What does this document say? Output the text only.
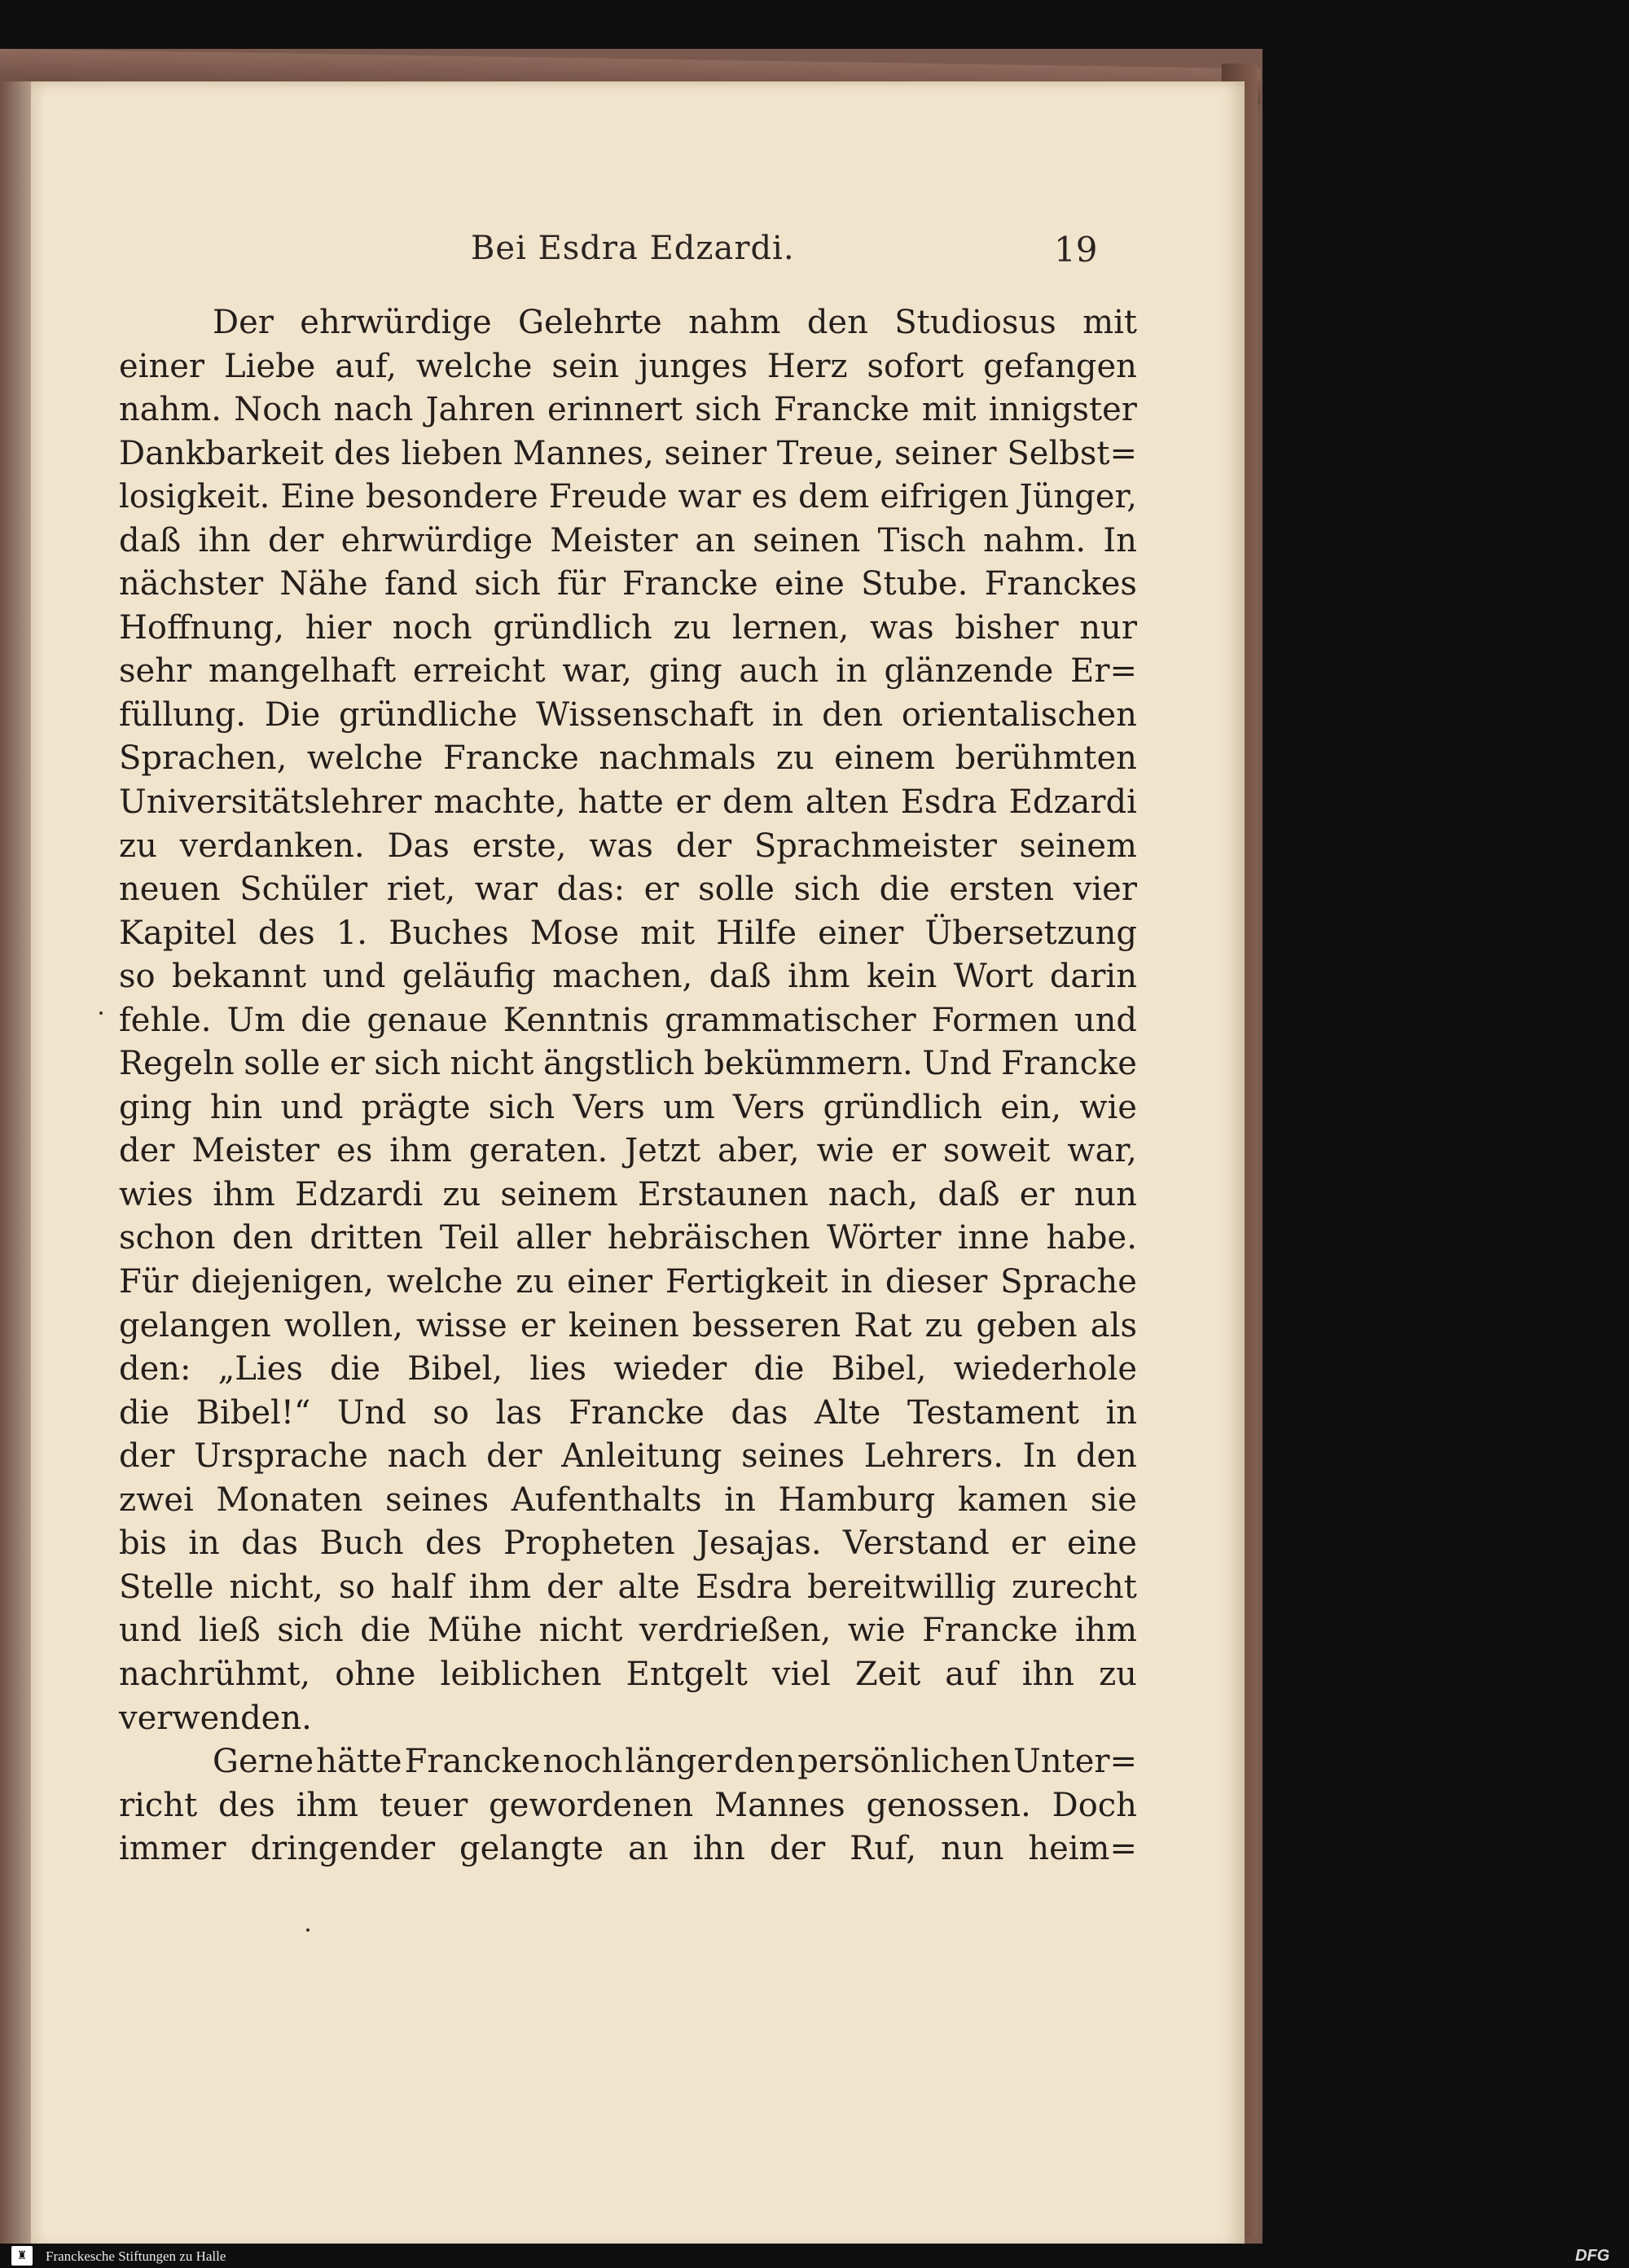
Bei Esdra Edzardi.	19
Der ehrwürdige Gelehrte nahm den Studiosus mit
einer Liebe auf, welche sein junges Herz sofort gefangen
nahm. Noch nach Jahren erinnert sich Francke mit innigster
Dankbarkeit des lieben Mannes, seiner Treue, seiner Selbst=
losigkeit. Eine besondere Freude war es dem eifrigen Jünger,
daß ihn der ehrwürdige Meister an seinen Tisch nahm. In
nächster Nähe fand sich für Francke eine Stube. Franckes
Hoffnung, hier noch gründlich zu lernen, was bisher nur
sehr mangelhaft erreicht war, ging auch in glänzende Er=
füllung. Die gründliche Wissenschaft in den orientalischen
Sprachen, welche Francke nachmals zu einem berühmten
Universitätslehrer machte, hatte er dem alten Esdra Edzardi
zu verdanken. Das erste, was der Sprachmeister seinem
neuen Schüler riet, war das: er solle sich die ersten vier
Kapitel des 1. Buches Mose mit Hilfe einer Übersetzung
so bekannt und geläufig machen, daß ihm kein Wort darin
fehle. Um die genaue Kenntnis grammatischer Formen und
Regeln solle er sich nicht ängstlich bekümmern. Und Francke
ging hin und prägte sich Vers um Vers gründlich ein, wie
der Meister es ihm geraten. Jetzt aber, wie er soweit war,
wies ihm Edzardi zu seinem Erstaunen nach, daß er nun
schon den dritten Teil aller hebräischen Wörter inne habe.
Für diejenigen, welche zu einer Fertigkeit in dieser Sprache
gelangen wollen, wisse er keinen besseren Rat zu geben als
den: „Lies die Bibel, lies wieder die Bibel, wiederhole
die Bibel!“ Und so las Francke das Alte Testament in
der Ursprache nach der Anleitung seines Lehrers. In den
zwei Monaten seines Aufenthalts in Hamburg kamen sie
bis in das Buch des Propheten Jesajas. Verstand er eine
Stelle nicht, so half ihm der alte Esdra bereitwillig zurecht
und ließ sich die Mühe nicht verdrießen, wie Francke ihm
nachrühmt, ohne leiblichen Entgelt viel Zeit auf ihn zu
verwenden.
Gerne hätte Francke noch länger den persönlichen Unter=
richt des ihm teuer gewordenen Mannes genossen. Doch
immer dringender gelangte an ihn der Ruf, nun heim=
♜	Franckesche Stiftungen zu Halle	DFG
